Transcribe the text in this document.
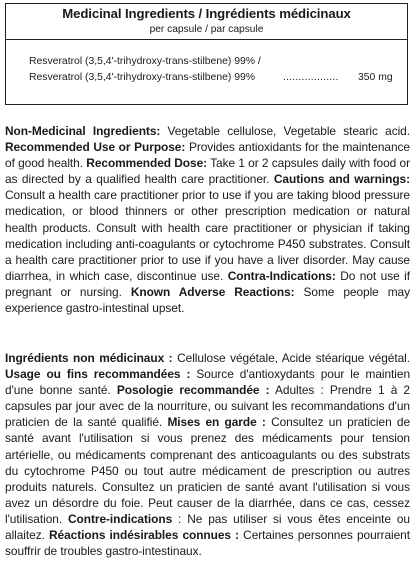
Medicinal Ingredients / Ingrédients médicinaux
per capsule / par capsule
Resveratrol (3,5,4'-trihydroxy-trans-stilbene) 99% /
Resveratrol (3,5,4'-trihydroxy-trans-stilbene) 99%	.................. 350 mg
Non-Medicinal Ingredients: Vegetable cellulose, Vegetable stearic acid. Recommended Use or Purpose: Provides antioxidants for the maintenance of good health. Recommended Dose: Take 1 or 2 capsules daily with food or as directed by a qualified health care practitioner. Cautions and warnings: Consult a health care practitioner prior to use if you are taking blood pressure medication, or blood thinners or other prescription medication or natural health products. Consult with health care practitioner or physician if taking medication including anti-coagulants or cytochrome P450 substrates. Consult a health care practitioner prior to use if you have a liver disorder. May cause diarrhea, in which case, discontinue use. Contra-Indications: Do not use if pregnant or nursing. Known Adverse Reactions: Some people may experience gastro-intestinal upset.
Ingrédients non médicinaux : Cellulose végétale, Acide stéarique végétal. Usage ou fins recommandées : Source d'antioxydants pour le maintien d'une bonne santé. Posologie recommandée : Adultes : Prendre 1 à 2 capsules par jour avec de la nourriture, ou suivant les recommandations d'un praticien de la santé qualifié. Mises en garde : Consultez un praticien de santé avant l'utilisation si vous prenez des médicaments pour tension artérielle, ou médicaments comprenant des anticoagulants ou des substrats du cytochrome P450 ou tout autre médicament de prescription ou autres produits naturels. Consultez un praticien de santé avant l'utilisation si vous avez un désordre du foie. Peut causer de la diarrhée, dans ce cas, cessez l'utilisation. Contre-indications : Ne pas utiliser si vous êtes enceinte ou allaitez. Réactions indésirables connues : Certaines personnes pourraient souffrir de troubles gastro-intestinaux.
